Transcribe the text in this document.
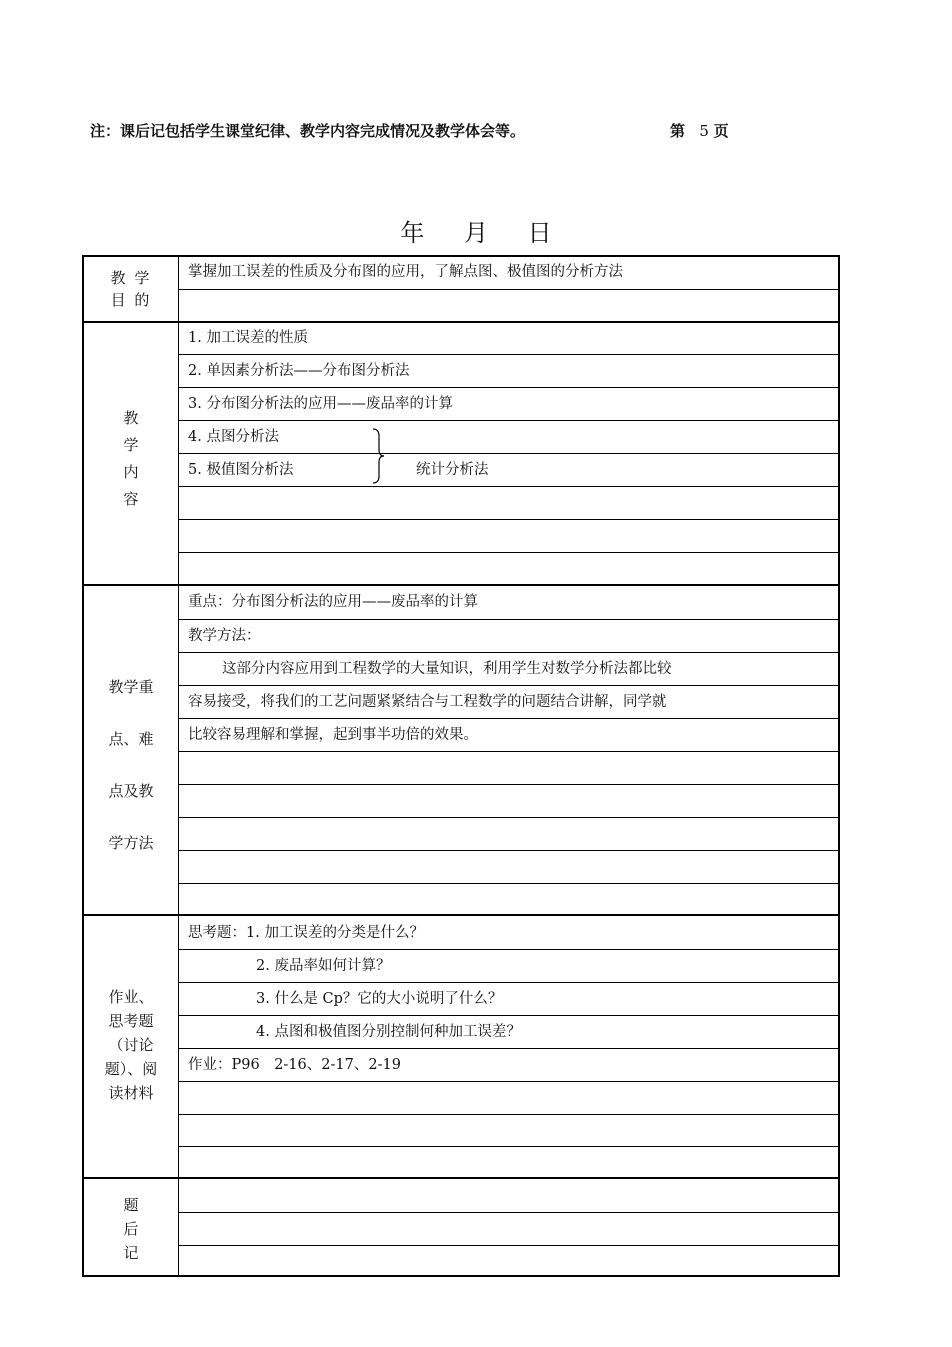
注：课后记包括学生课堂纪律、教学内容完成情况及教学体会等。	第 5 页
年 月 日
教 学
目 的
教
学
内
容
教学重
点、难
点及教
学方法
作业、
思考题
（讨论
题）、阅
读材料
题
后
记
掌握加工误差的性质及分布图的应用，了解点图、极值图的分析方法
1. 加工误差的性质
2. 单因素分析法——分布图分析法
3. 分布图分析法的应用——废品率的计算
4. 点图分析法
5. 极值图分析法	统计分析法
重点：分布图分析法的应用——废品率的计算
教学方法：
这部分内容应用到工程数学的大量知识，利用学生对数学分析法都比较
容易接受，将我们的工艺问题紧紧结合与工程数学的问题结合讲解，同学就
比较容易理解和掌握，起到事半功倍的效果。
思考题：1. 加工误差的分类是什么？
2. 废品率如何计算？
3. 什么是 Cp？它的大小说明了什么？
4. 点图和极值图分别控制何种加工误差？
作业：P96　2-16、2-17、2-19
